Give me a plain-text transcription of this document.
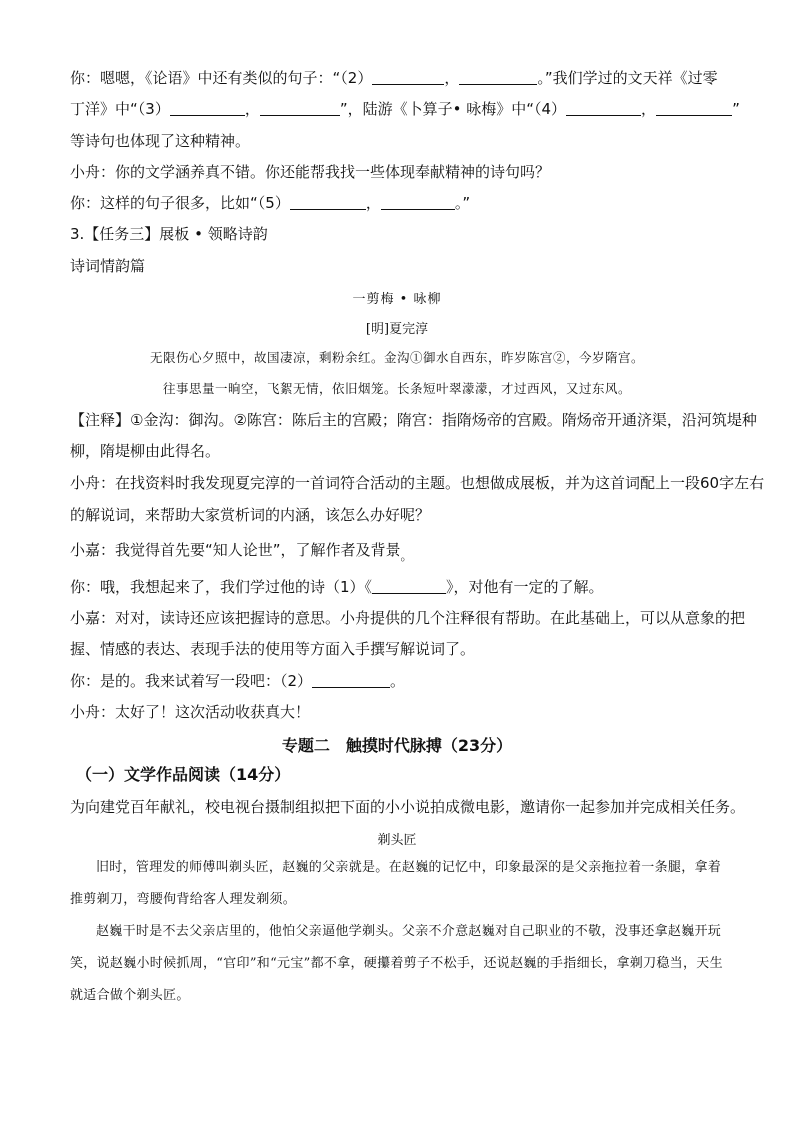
你：嗯嗯，《论语》中还有类似的句子：“（2）	，	。”我们学过的文天祥《过零
丁洋》中“（3）	，	”，陆游《卜算子• 咏梅》中“（4）	，	”
等诗句也体现了这种精神。
小舟：你的文学涵养真不错。你还能帮我找一些体现奉献精神的诗句吗？
你：这样的句子很多，比如“（5）	，	。”
3.【任务三】展板 • 领略诗韵
诗词情韵篇
一剪梅 • 咏柳
[明]夏完淳
无限伤心夕照中，故国凄凉，剩粉余红。金沟①御水自西东，昨岁陈宫②，今岁隋宫。
往事思量一晌空，飞絮无情，依旧烟笼。长条短叶翠濛濛，才过西风，又过东风。
【注释】①金沟：御沟。②陈宫：陈后主的宫殿；隋宫：指隋炀帝的宫殿。隋炀帝开通济渠，沿河筑堤种
柳，隋堤柳由此得名。
小舟：在找资料时我发现夏完淳的一首词符合活动的主题。也想做成展板，并为这首词配上一段60字左右
的解说词，来帮助大家赏析词的内涵，该怎么办好呢？
小嘉：我觉得首先要“知人论世”，了解作者及背景$_。$
你：哦，我想起来了，我们学过他的诗（1）《	》，对他有一定的了解。
小嘉：对对，读诗还应该把握诗的意思。小舟提供的几个注释很有帮助。在此基础上，可以从意象的把
握、情感的表达、表现手法的使用等方面入手撰写解说词了。
你：是的。我来试着写一段吧：（2）	。
小舟：太好了！这次活动收获真大！
专题二　触摸时代脉搏（23分）
（一）文学作品阅读（14分）
为向建党百年献礼，校电视台摄制组拟把下面的小小说拍成微电影，邀请你一起参加并完成相关任务。
剃头匠
旧时，管理发的师傅叫剃头匠，赵巍的父亲就是。在赵巍的记忆中，印象最深的是父亲拖拉着一条腿，拿着推剪剃刀，弯腰佝背给客人理发剃须。
赵巍干时是不去父亲店里的，他怕父亲逼他学剃头。父亲不介意赵巍对自己职业的不敬，没事还拿赵巍开玩笑，说赵巍小时候抓周，“官印”和“元宝”都不拿，硬攥着剪子不松手，还说赵巍的手指细长，拿剃刀稳当，天生就适合做个剃头匠。
